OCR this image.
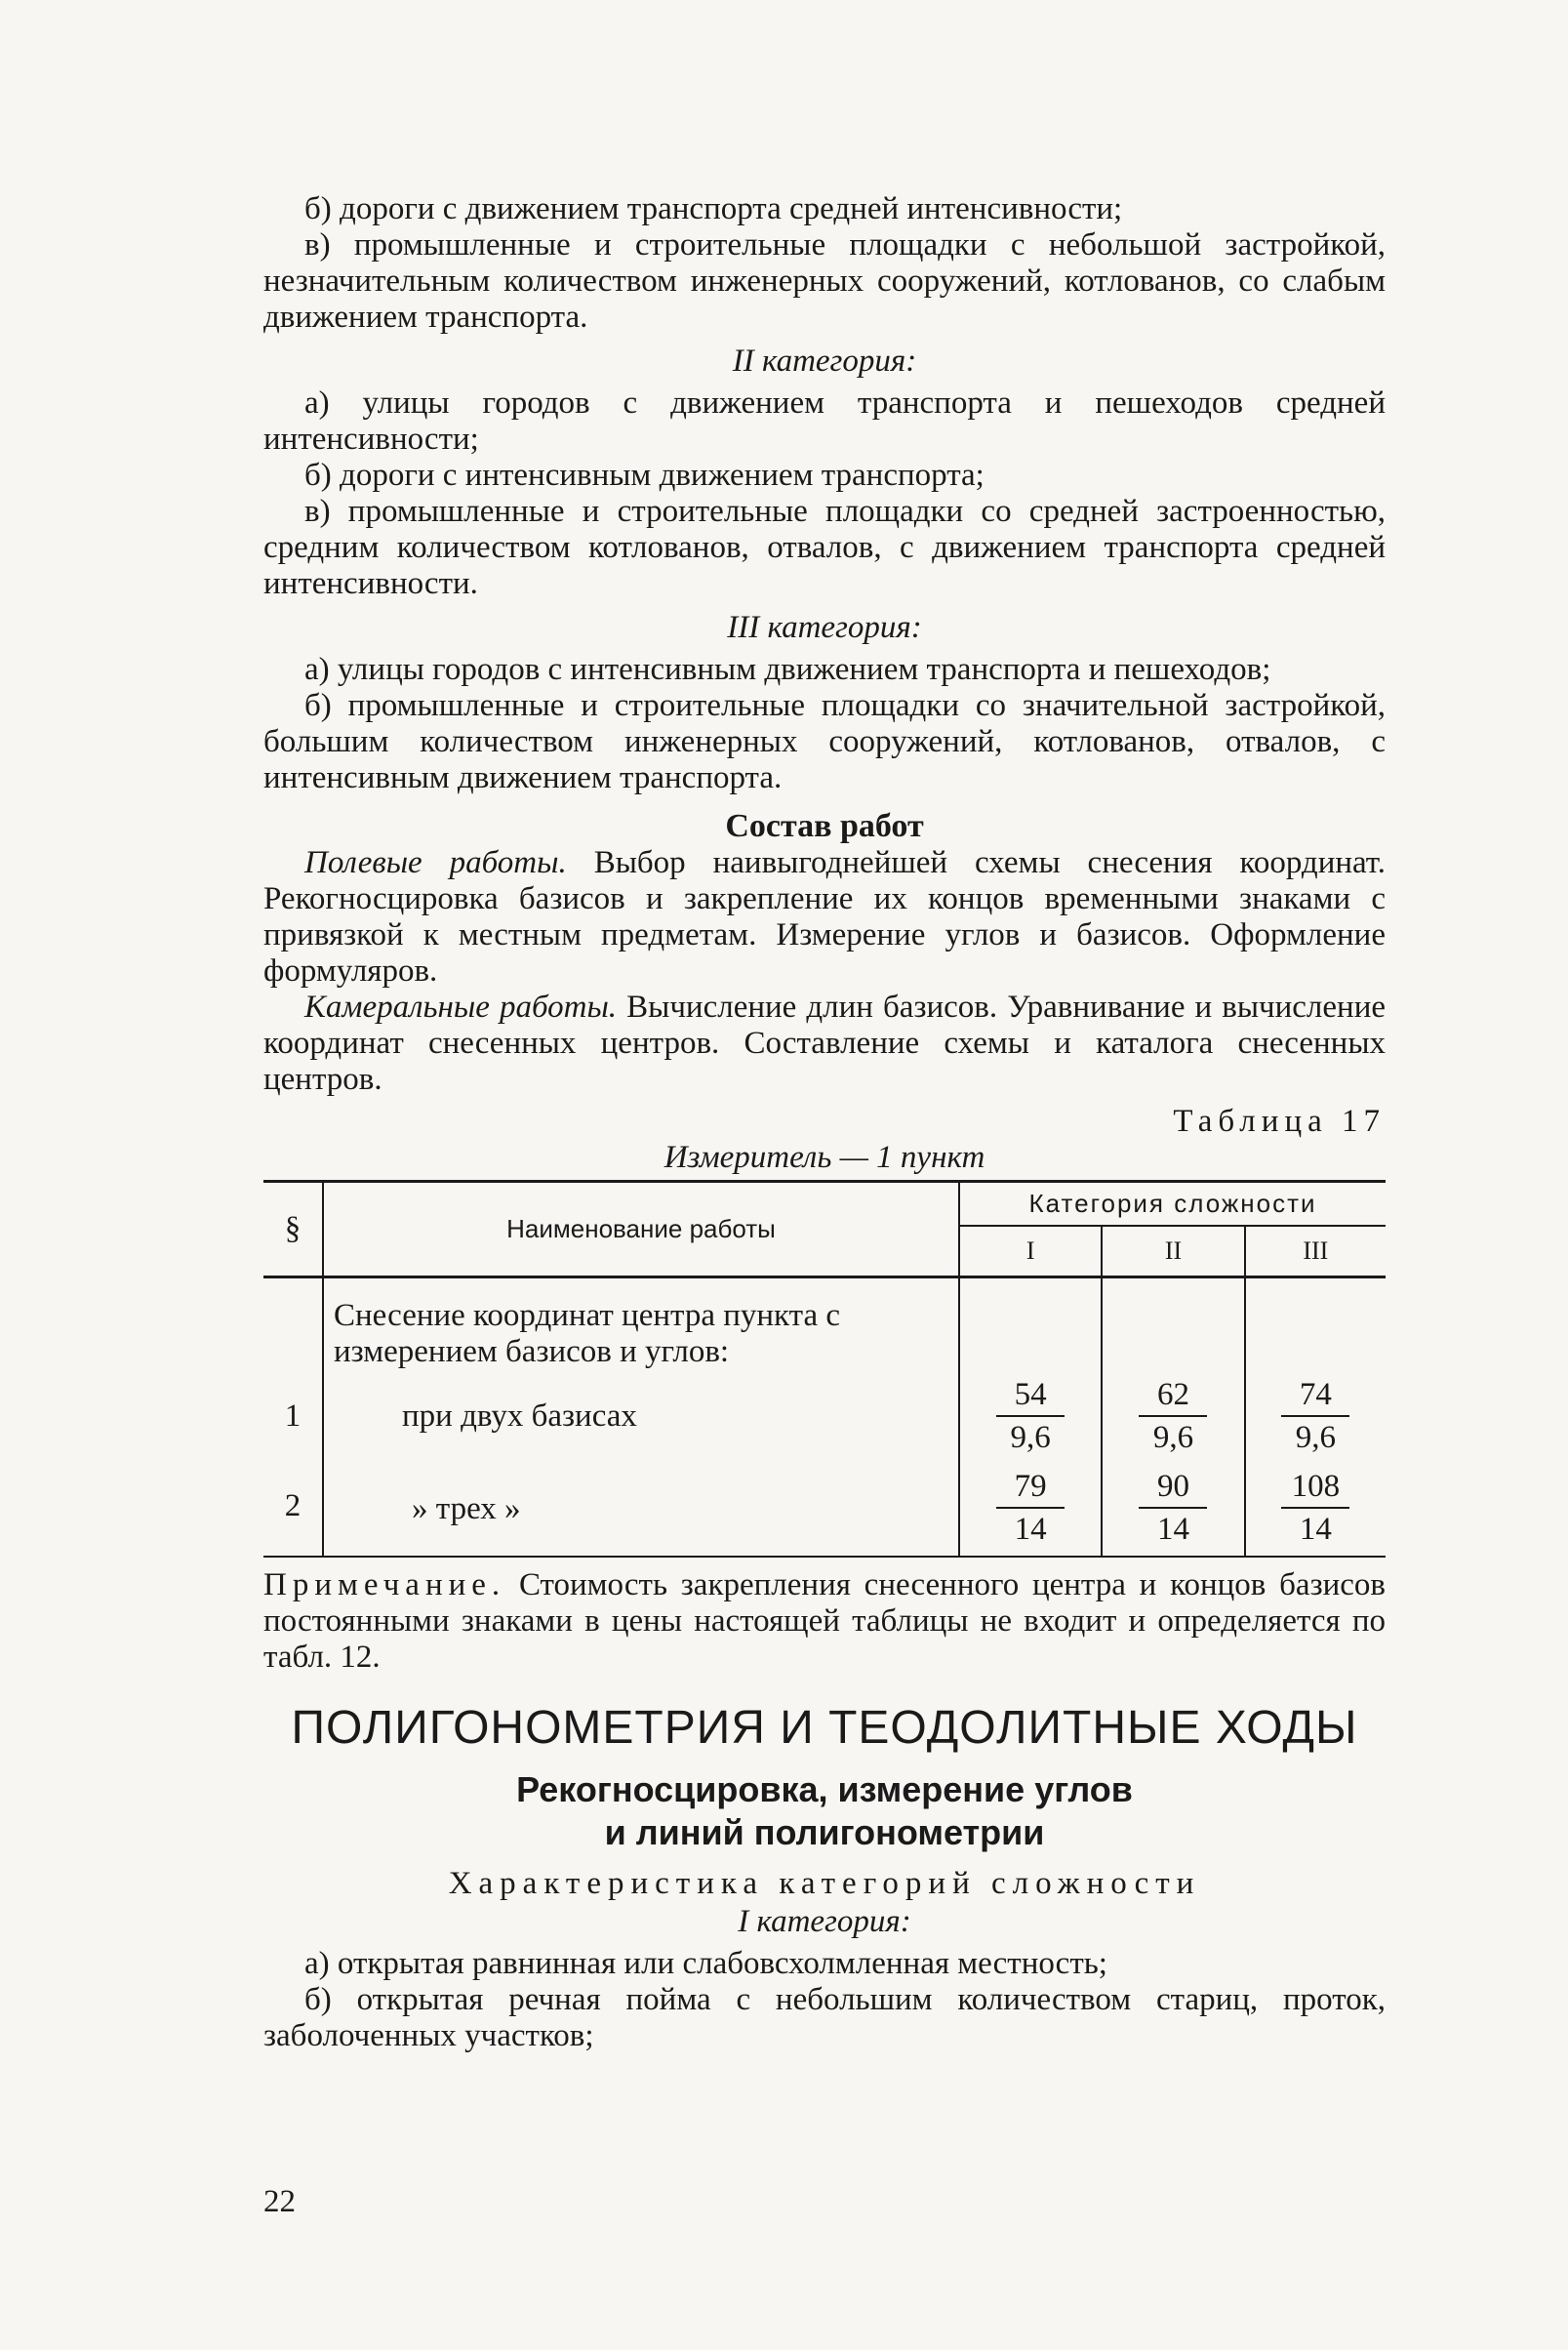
б) дороги с движением транспорта средней интенсивности;

в) промышленные и строительные площадки с небольшой застройкой, незначительным количеством инженерных сооружений, котлованов, со слабым движением транспорта.

II категория:

а) улицы городов с движением транспорта и пешеходов средней интенсивности;

б) дороги с интенсивным движением транспорта;

в) промышленные и строительные площадки со средней застроенностью, средним количеством котлованов, отвалов, с движением транспорта средней интенсивности.

III категория:

а) улицы городов с интенсивным движением транспорта и пешеходов;

б) промышленные и строительные площадки со значительной застройкой, большим количеством инженерных сооружений, котлованов, отвалов, с интенсивным движением транспорта.

Состав работ

Полевые работы. Выбор наивыгоднейшей схемы снесения координат. Рекогносцировка базисов и закрепление их концов временными знаками с привязкой к местным предметам. Измерение углов и базисов. Оформление формуляров.

Камеральные работы. Вычисление длин базисов. Уравнивание и вычисление координат снесенных центров. Составление схемы и каталога снесенных центров.

Таблица 17

Измеритель — 1 пункт

§	Наименование работы	Категория сложности		
		I	II	III
	Снесение координат центра пункта с измерением базисов и углов:			
1	при двух базисах	$\frac{54}{9,6}$	$\frac{62}{9,6}$	$\frac{74}{9,6}$

2	» трех »	$\frac{79}{14}$	$\frac{90}{14}$	$\frac{108}{14}$

Примечание. Стоимость закрепления снесенного центра и концов базисов постоянными знаками в цены настоящей таблицы не входит и определяется по табл. 12.

ПОЛИГОНОМЕТРИЯ И ТЕОДОЛИТНЫЕ ХОДЫ

Рекогносцировка, измерение углов

и линий полигонометрии

Характеристика категорий сложности

I категория:

а) открытая равнинная или слабовсхолмленная местность;

б) открытая речная пойма с небольшим количеством стариц, проток, заболоченных участков;

22
